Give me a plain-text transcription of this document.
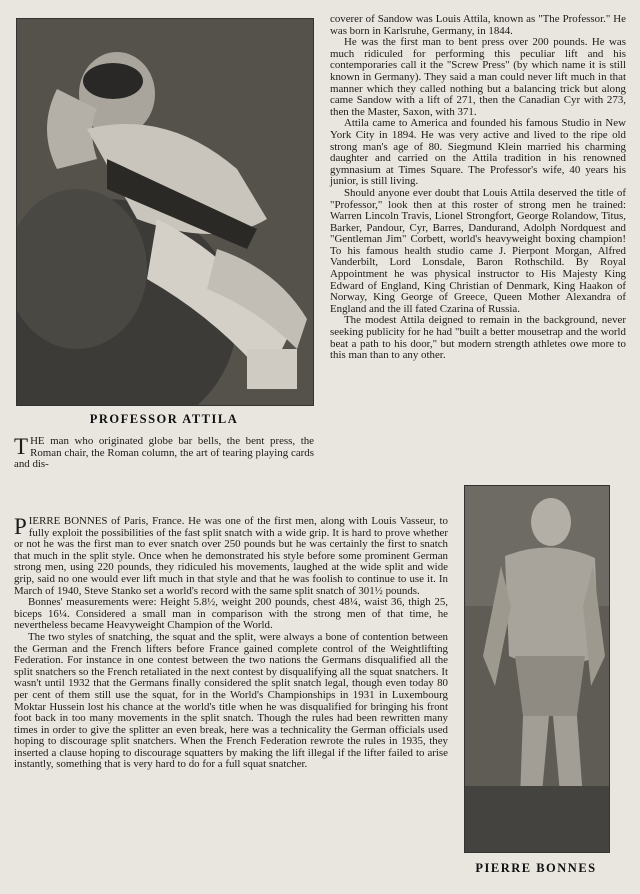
PROFESSOR ATTILA

THE man who originated globe bar bells, the bent press, the Roman chair, the Roman column, the art of tearing playing cards and dis-

coverer of Sandow was Louis Attila, known as "The Professor." He was born in Karlsruhe, Germany, in 1844.

He was the first man to bent press over 200 pounds. He was much ridiculed for performing this peculiar lift and his contemporaries call it the "Screw Press" (by which name it is still known in Germany). They said a man could never lift much in that manner which they called nothing but a balancing trick but along came Sandow with a lift of 271, then the Canadian Cyr with 273, then the Master, Saxon, with 371.

Attila came to America and founded his famous Studio in New York City in 1894. He was very active and lived to the ripe old strong man's age of 80. Siegmund Klein married his charming daughter and carried on the Attila tradition in his renowned gymnasium at Times Square. The Professor's wife, 40 years his junior, is still living.

Should anyone ever doubt that Louis Attila deserved the title of "Professor," look then at this roster of strong men he trained: Warren Lincoln Travis, Lionel Strongfort, George Rolandow, Titus, Barker, Pandour, Cyr, Barres, Dandurand, Adolph Nordquest and "Gentleman Jim" Corbett, world's heavyweight boxing champion! To his famous health studio came J. Pierpont Morgan, Alfred Vanderbilt, Lord Lonsdale, Baron Rothschild. By Royal Appointment he was physical instructor to His Majesty King Edward of England, King Christian of Denmark, King Haakon of Norway, King George of Greece, Queen Mother Alexandra of England and the ill fated Czarina of Russia.

The modest Attila deigned to remain in the background, never seeking publicity for he had "built a better mousetrap and the world beat a path to his door," but modern strength athletes owe more to this man than to any other.

PIERRE BONNES of Paris, France. He was one of the first men, along with Louis Vasseur, to fully exploit the possibilities of the fast split snatch with a wide grip. It is hard to prove whether or not he was the first man to ever snatch over 250 pounds but he was certainly the first to snatch that much in the split style. Once when he demonstrated his style before some prominent German strong men, using 220 pounds, they ridiculed his movements, laughed at the wide split and wide grip, said no one would ever lift much in that style and that he was foolish to continue to use it. In March of 1940, Steve Stanko set a world's record with the same split snatch of 301½ pounds.

Bonnes' measurements were: Height 5.8½, weight 200 pounds, chest 48¼, waist 36, thigh 25, biceps 16¼. Considered a small man in comparison with the strong men of that time, he nevertheless became Heavyweight Champion of the World.

The two styles of snatching, the squat and the split, were always a bone of contention between the German and the French lifters before France gained complete control of the Weightlifting Federation. For instance in one contest between the two nations the Germans disqualified all the split snatchers so the French retaliated in the next contest by disqualifying all the squat snatchers. It wasn't until 1932 that the Germans finally considered the split snatch legal, though even today 80 per cent of them still use the squat, for in the World's Championships in 1931 in Luxembourg Moktar Hussein lost his chance at the world's title when he was disqualified for bringing his front foot back in too many movements in the split snatch. Though the rules had been rewritten many times in order to give the splitter an even break, here was a technicality the German officials used hoping to discourage split snatchers. When the French Federation rewrote the rules in 1935, they inserted a clause hoping to discourage squatters by making the lift illegal if the lifter failed to arise instantly, something that is very hard to do for a full squat snatcher.

PIERRE BONNES
